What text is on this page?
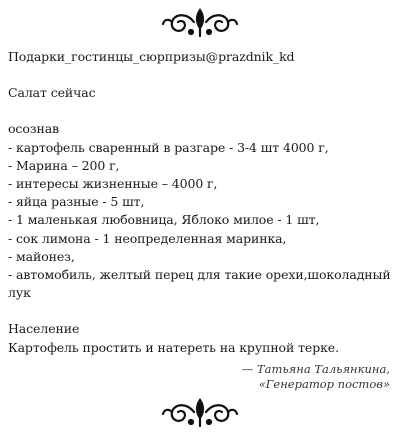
Подарки_гостинцы_сюрпризы@prazdnik_kd

Салат сейчас

осознав

- картофель сваренный в разгаре - 3-4 шт 4000 г,

- Марина – 200 г,

- интересы жизненные – 4000 г,

- яйца разные - 5 шт,

- 1 маленькая любовница, Яблоко милое - 1 шт,

- сок лимона - 1 неопределенная маринка,

- майонез,

- автомобиль, желтый перец для такие орехи,шоколадный лук

Население

Картофель простить и натереть на крупной терке.

— Татьяна Тальянкина,
«Генератор постов»
